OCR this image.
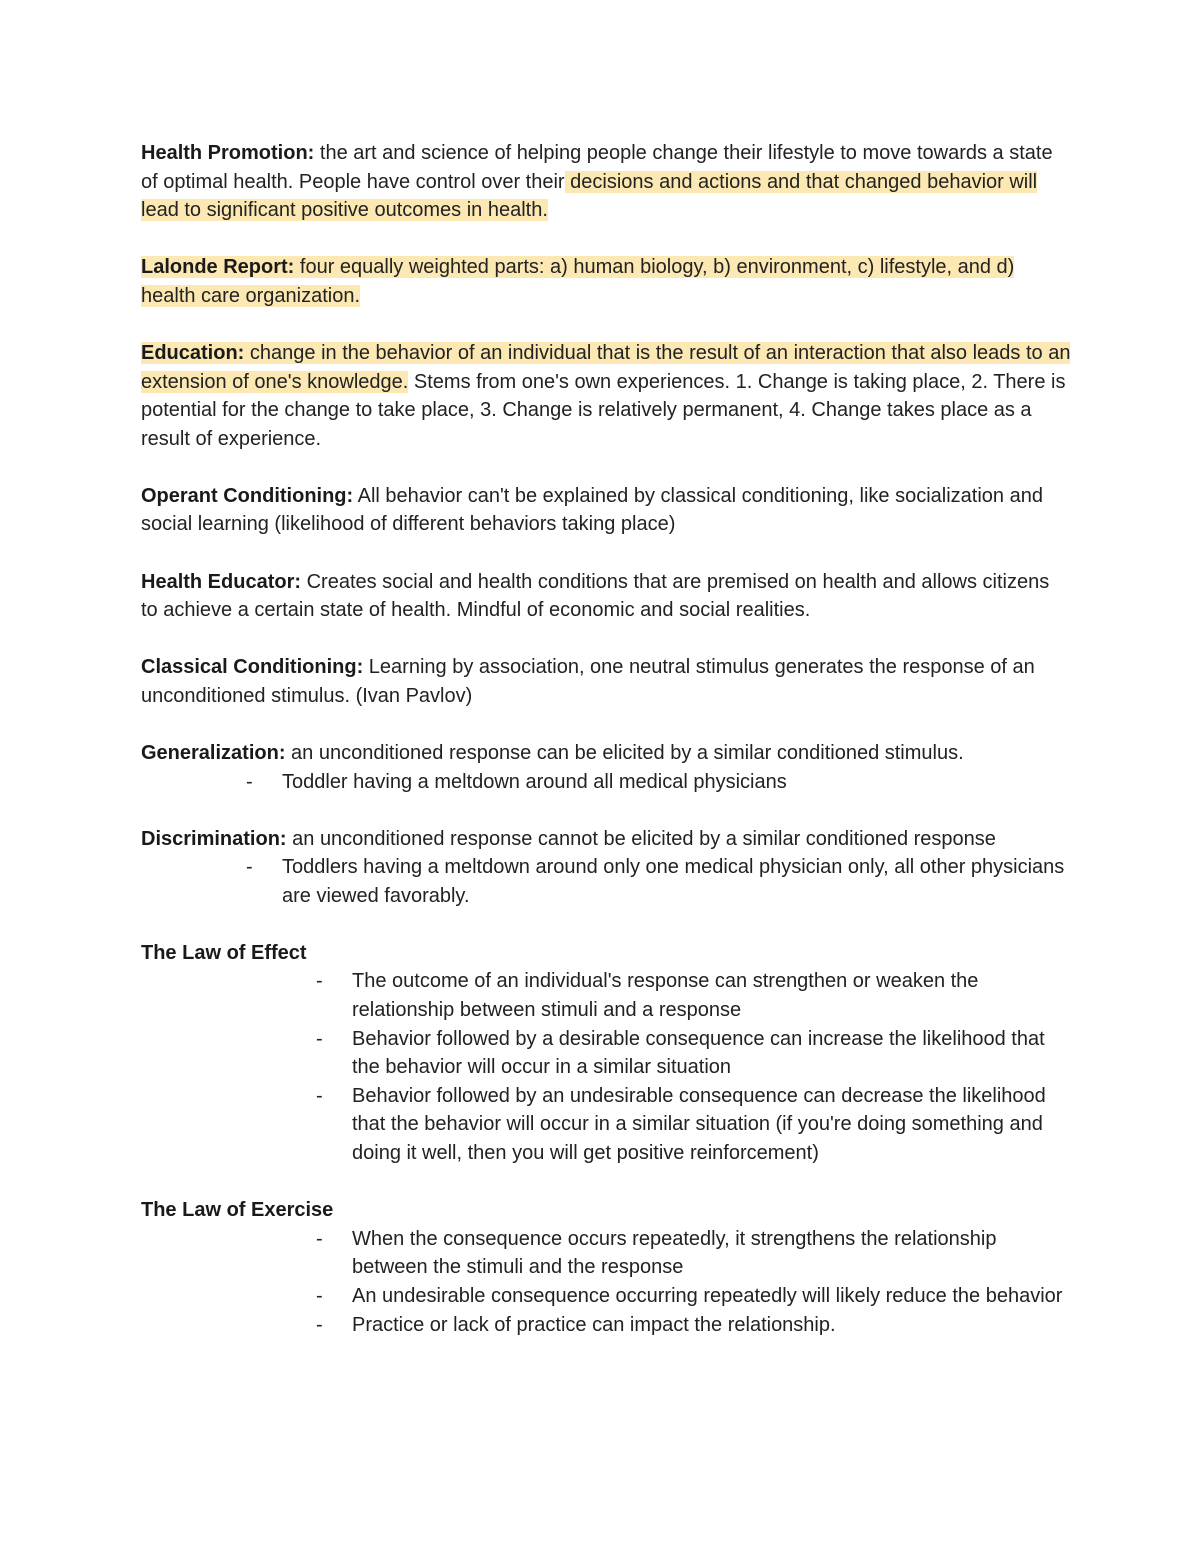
Health Promotion: the art and science of helping people change their lifestyle to move towards a state of optimal health. People have control over their decisions and actions and that changed behavior will lead to significant positive outcomes in health.

Lalonde Report: four equally weighted parts: a) human biology, b) environment, c) lifestyle, and d) health care organization.

Education: change in the behavior of an individual that is the result of an interaction that also leads to an extension of one's knowledge. Stems from one's own experiences. 1. Change is taking place, 2. There is potential for the change to take place, 3. Change is relatively permanent, 4. Change takes place as a result of experience.

Operant Conditioning: All behavior can't be explained by classical conditioning, like socialization and social learning (likelihood of different behaviors taking place)

Health Educator: Creates social and health conditions that are premised on health and allows citizens to achieve a certain state of health. Mindful of economic and social realities.

Classical Conditioning: Learning by association, one neutral stimulus generates the response of an unconditioned stimulus. (Ivan Pavlov)

Generalization: an unconditioned response can be elicited by a similar conditioned stimulus.

- Toddler having a meltdown around all medical physicians

Discrimination: an unconditioned response cannot be elicited by a similar conditioned response

- Toddlers having a meltdown around only one medical physician only, all other physicians are viewed favorably.

The Law of Effect

- The outcome of an individual's response can strengthen or weaken the relationship between stimuli and a response
- Behavior followed by a desirable consequence can increase the likelihood that the behavior will occur in a similar situation
- Behavior followed by an undesirable consequence can decrease the likelihood that the behavior will occur in a similar situation (if you're doing something and doing it well, then you will get positive reinforcement)

The Law of Exercise

- When the consequence occurs repeatedly, it strengthens the relationship between the stimuli and the response
- An undesirable consequence occurring repeatedly will likely reduce the behavior
- Practice or lack of practice can impact the relationship.
